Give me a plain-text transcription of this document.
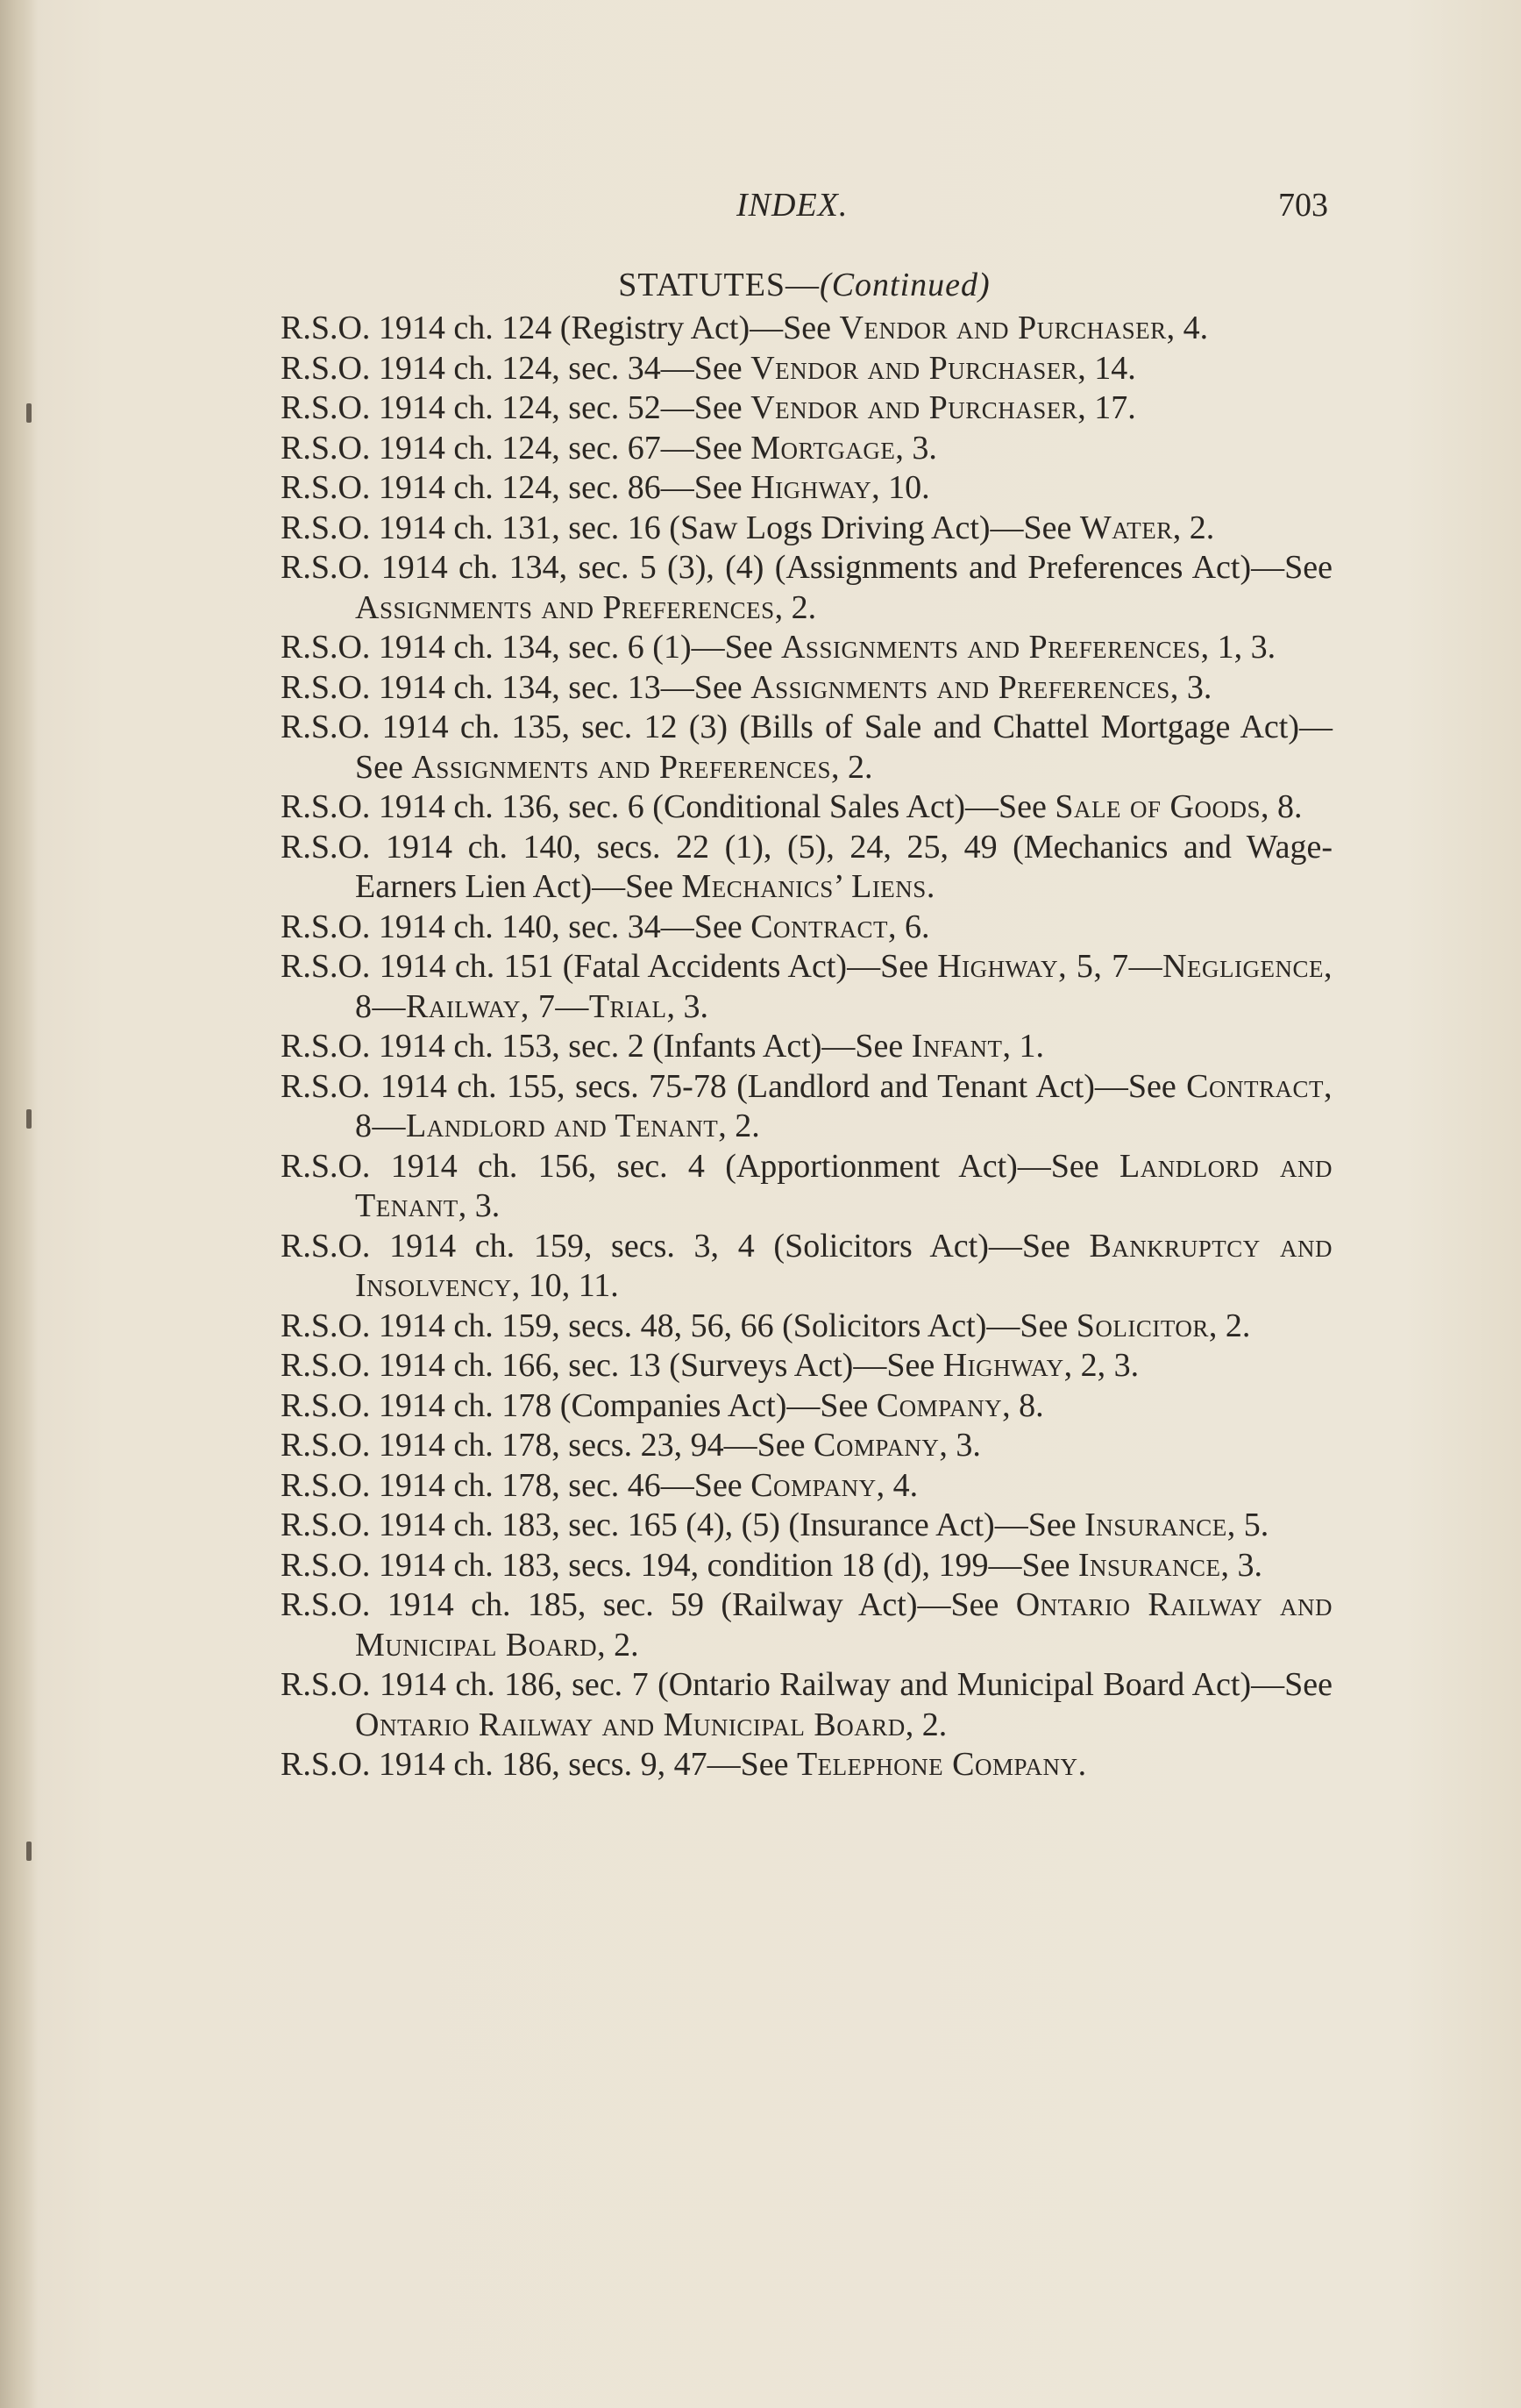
INDEX.	703
STATUTES—(Continued)
R.S.O. 1914 ch. 124 (Registry Act)—See Vendor and Purchaser, 4.
R.S.O. 1914 ch. 124, sec. 34—See Vendor and Purchaser, 14.
R.S.O. 1914 ch. 124, sec. 52—See Vendor and Purchaser, 17.
R.S.O. 1914 ch. 124, sec. 67—See Mortgage, 3.
R.S.O. 1914 ch. 124, sec. 86—See Highway, 10.
R.S.O. 1914 ch. 131, sec. 16 (Saw Logs Driving Act)—See Water, 2.
R.S.O. 1914 ch. 134, sec. 5 (3), (4) (Assignments and Preferences Act)—See Assignments and Preferences, 2.
R.S.O. 1914 ch. 134, sec. 6 (1)—See Assignments and Preferences, 1, 3.
R.S.O. 1914 ch. 134, sec. 13—See Assignments and Preferences, 3.
R.S.O. 1914 ch. 135, sec. 12 (3) (Bills of Sale and Chattel Mortgage Act)—See Assignments and Preferences, 2.
R.S.O. 1914 ch. 136, sec. 6 (Conditional Sales Act)—See Sale of Goods, 8.
R.S.O. 1914 ch. 140, secs. 22 (1), (5), 24, 25, 49 (Mechanics and Wage-Earners Lien Act)—See Mechanics’ Liens.
R.S.O. 1914 ch. 140, sec. 34—See Contract, 6.
R.S.O. 1914 ch. 151 (Fatal Accidents Act)—See Highway, 5, 7—Negligence, 8—Railway, 7—Trial, 3.
R.S.O. 1914 ch. 153, sec. 2 (Infants Act)—See Infant, 1.
R.S.O. 1914 ch. 155, secs. 75-78 (Landlord and Tenant Act)—See Contract, 8—Landlord and Tenant, 2.
R.S.O. 1914 ch. 156, sec. 4 (Apportionment Act)—See Landlord and Tenant, 3.
R.S.O. 1914 ch. 159, secs. 3, 4 (Solicitors Act)—See Bankruptcy and Insolvency, 10, 11.
R.S.O. 1914 ch. 159, secs. 48, 56, 66 (Solicitors Act)—See Solicitor, 2.
R.S.O. 1914 ch. 166, sec. 13 (Surveys Act)—See Highway, 2, 3.
R.S.O. 1914 ch. 178 (Companies Act)—See Company, 8.
R.S.O. 1914 ch. 178, secs. 23, 94—See Company, 3.
R.S.O. 1914 ch. 178, sec. 46—See Company, 4.
R.S.O. 1914 ch. 183, sec. 165 (4), (5) (Insurance Act)—See Insurance, 5.
R.S.O. 1914 ch. 183, secs. 194, condition 18 (d), 199—See Insurance, 3.
R.S.O. 1914 ch. 185, sec. 59 (Railway Act)—See Ontario Railway and Municipal Board, 2.
R.S.O. 1914 ch. 186, sec. 7 (Ontario Railway and Municipal Board Act)—See Ontario Railway and Municipal Board, 2.
R.S.O. 1914 ch. 186, secs. 9, 47—See Telephone Company.
